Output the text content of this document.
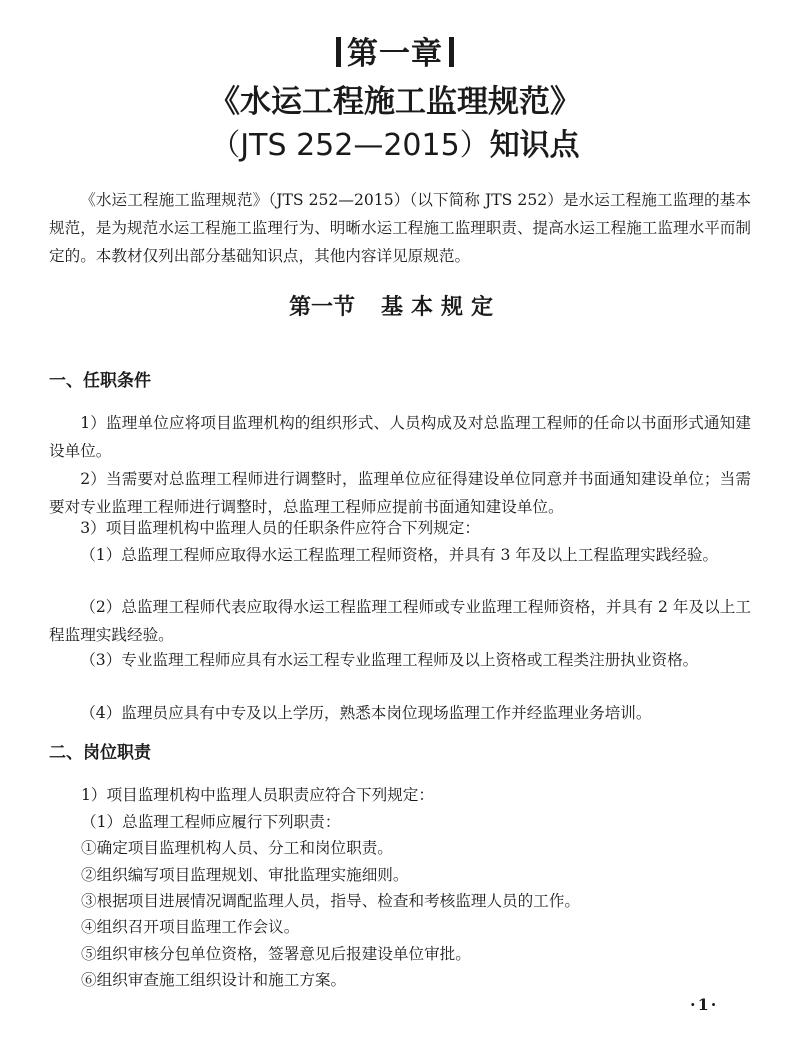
第一章
《水运工程施工监理规范》
（JTS 252—2015）知识点

《水运工程施工监理规范》（JTS 252—2015）（以下简称 JTS 252）是水运工程施工监理的基本规范，是为规范水运工程施工监理行为、明晰水运工程施工监理职责、提高水运工程施工监理水平而制定的。本教材仅列出部分基础知识点，其他内容详见原规范。

第一节 基本规定
一、任职条件

1）监理单位应将项目监理机构的组织形式、人员构成及对总监理工程师的任命以书面形式通知建设单位。

2）当需要对总监理工程师进行调整时，监理单位应征得建设单位同意并书面通知建设单位；当需要对专业监理工程师进行调整时，总监理工程师应提前书面通知建设单位。

3）项目监理机构中监理人员的任职条件应符合下列规定：

（1）总监理工程师应取得水运工程监理工程师资格，并具有 3 年及以上工程监理实践经验。

（2）总监理工程师代表应取得水运工程监理工程师或专业监理工程师资格，并具有 2 年及以上工程监理实践经验。

（3）专业监理工程师应具有水运工程专业监理工程师及以上资格或工程类注册执业资格。

（4）监理员应具有中专及以上学历，熟悉本岗位现场监理工作并经监理业务培训。

二、岗位职责

1）项目监理机构中监理人员职责应符合下列规定：

（1）总监理工程师应履行下列职责：

①确定项目监理机构人员、分工和岗位职责。

②组织编写项目监理规划、审批监理实施细则。

③根据项目进展情况调配监理人员，指导、检查和考核监理人员的工作。

④组织召开项目监理工作会议。

⑤组织审核分包单位资格，签署意见后报建设单位审批。

⑥组织审查施工组织设计和施工方案。

·1·
